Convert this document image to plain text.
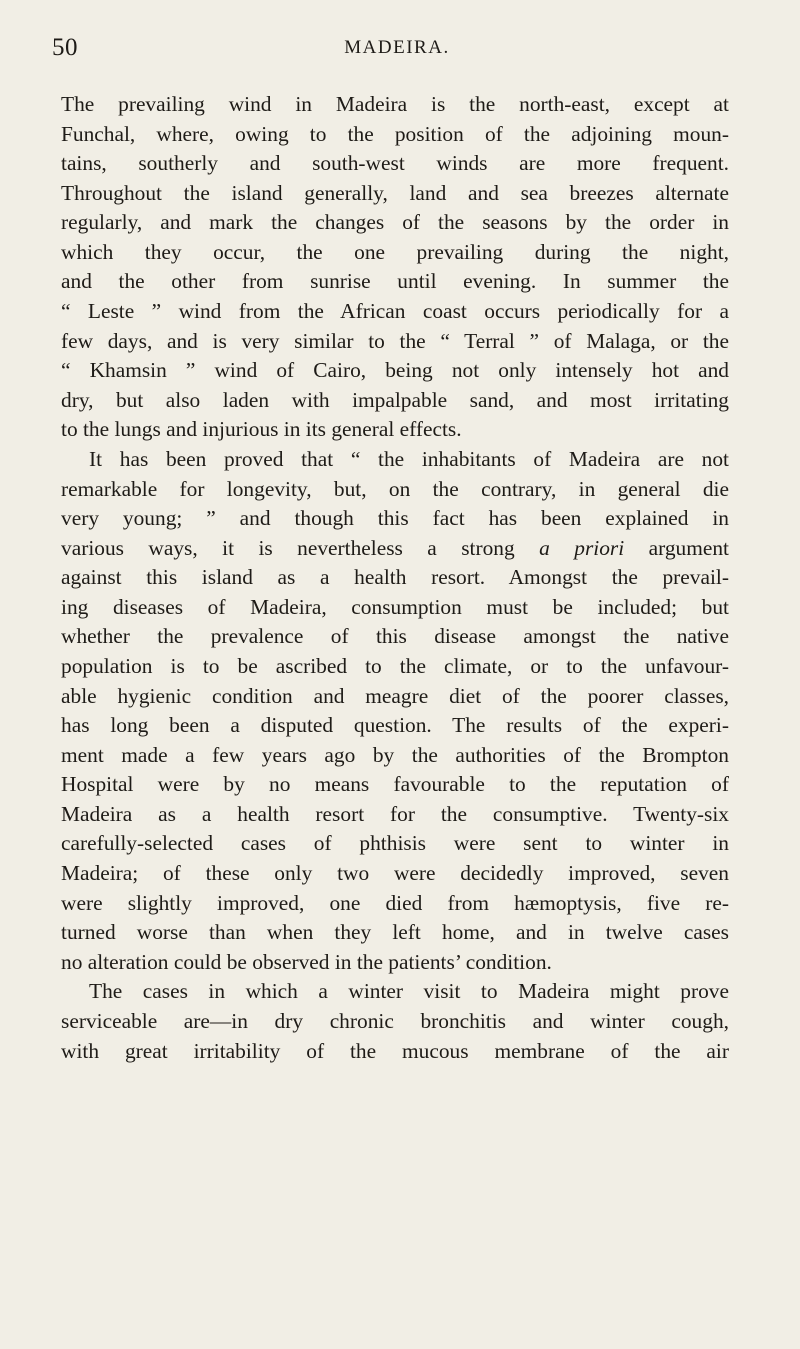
50	MADEIRA.
The prevailing wind in Madeira is the north-east, except at
Funchal, where, owing to the position of the adjoining moun-
tains, southerly and south-west winds are more frequent.
Throughout the island generally, land and sea breezes alternate
regularly, and mark the changes of the seasons by the order in
which they occur, the one prevailing during the night,
and the other from sunrise until evening. In summer the
“ Leste ” wind from the African coast occurs periodically for a
few days, and is very similar to the “ Terral ” of Malaga, or the
“ Khamsin ” wind of Cairo, being not only intensely hot and
dry, but also laden with impalpable sand, and most irritating
to the lungs and injurious in its general effects.
It has been proved that “ the inhabitants of Madeira are not
remarkable for longevity, but, on the contrary, in general die
very young; ” and though this fact has been explained in
various ways, it is nevertheless a strong a priori argument
against this island as a health resort. Amongst the prevail-
ing diseases of Madeira, consumption must be included; but
whether the prevalence of this disease amongst the native
population is to be ascribed to the climate, or to the unfavour-
able hygienic condition and meagre diet of the poorer classes,
has long been a disputed question. The results of the experi-
ment made a few years ago by the authorities of the Brompton
Hospital were by no means favourable to the reputation of
Madeira as a health resort for the consumptive. Twenty-six
carefully-selected cases of phthisis were sent to winter in
Madeira; of these only two were decidedly improved, seven
were slightly improved, one died from hæmoptysis, five re-
turned worse than when they left home, and in twelve cases
no alteration could be observed in the patients’ condition.
The cases in which a winter visit to Madeira might prove
serviceable are—in dry chronic bronchitis and winter cough,
with great irritability of the mucous membrane of the air
